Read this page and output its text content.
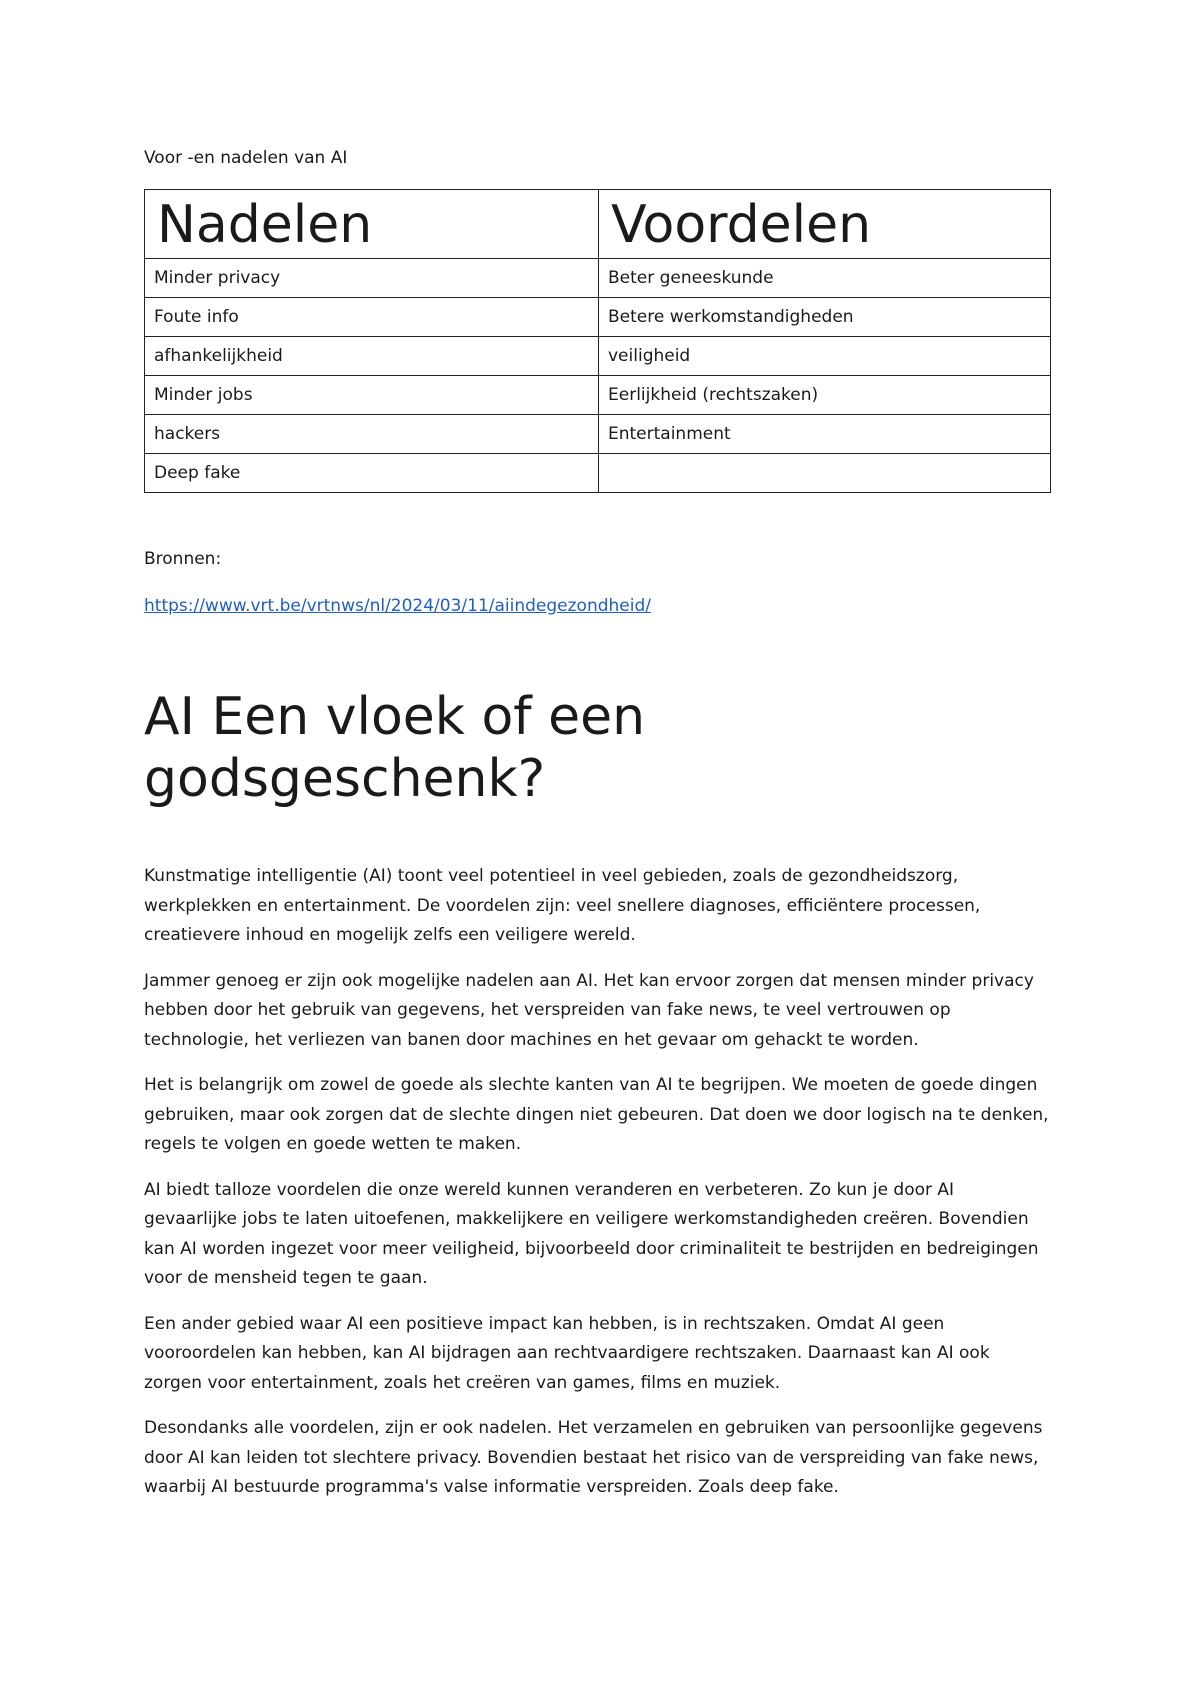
Voor -en nadelen van AI
Nadelen	Voordelen
Minder privacy	Beter geneeskunde
Foute info	Betere werkomstandigheden
afhankelijkheid	veiligheid
Minder jobs	Eerlijkheid (rechtszaken)
hackers	Entertainment
Deep fake	
Bronnen:
https://www.vrt.be/vrtnws/nl/2024/03/11/aiindegezondheid/
AI Een vloek of een godsgeschenk?

Kunstmatige intelligentie (AI) toont veel potentieel in veel gebieden, zoals de gezondheidszorg, werkplekken en entertainment. De voordelen zijn: veel snellere diagnoses, efficiëntere processen, creatievere inhoud en mogelijk zelfs een veiligere wereld.

Jammer genoeg er zijn ook mogelijke nadelen aan AI. Het kan ervoor zorgen dat mensen minder privacy hebben door het gebruik van gegevens, het verspreiden van fake news, te veel vertrouwen op technologie, het verliezen van banen door machines en het gevaar om gehackt te worden.

Het is belangrijk om zowel de goede als slechte kanten van AI te begrijpen. We moeten de goede dingen gebruiken, maar ook zorgen dat de slechte dingen niet gebeuren. Dat doen we door logisch na te denken, regels te volgen en goede wetten te maken.

AI biedt talloze voordelen die onze wereld kunnen veranderen en verbeteren. Zo kun je door AI gevaarlijke jobs te laten uitoefenen, makkelijkere en veiligere werkomstandigheden creëren. Bovendien kan AI worden ingezet voor meer veiligheid, bijvoorbeeld door criminaliteit te bestrijden en bedreigingen voor de mensheid tegen te gaan.

Een ander gebied waar AI een positieve impact kan hebben, is in rechtszaken. Omdat AI geen vooroordelen kan hebben, kan AI bijdragen aan rechtvaardigere rechtszaken. Daarnaast kan AI ook zorgen voor entertainment, zoals het creëren van games, films en muziek.

Desondanks alle voordelen, zijn er ook nadelen. Het verzamelen en gebruiken van persoonlijke gegevens door AI kan leiden tot slechtere privacy. Bovendien bestaat het risico van de verspreiding van fake news, waarbij AI bestuurde programma's valse informatie verspreiden. Zoals deep fake.
